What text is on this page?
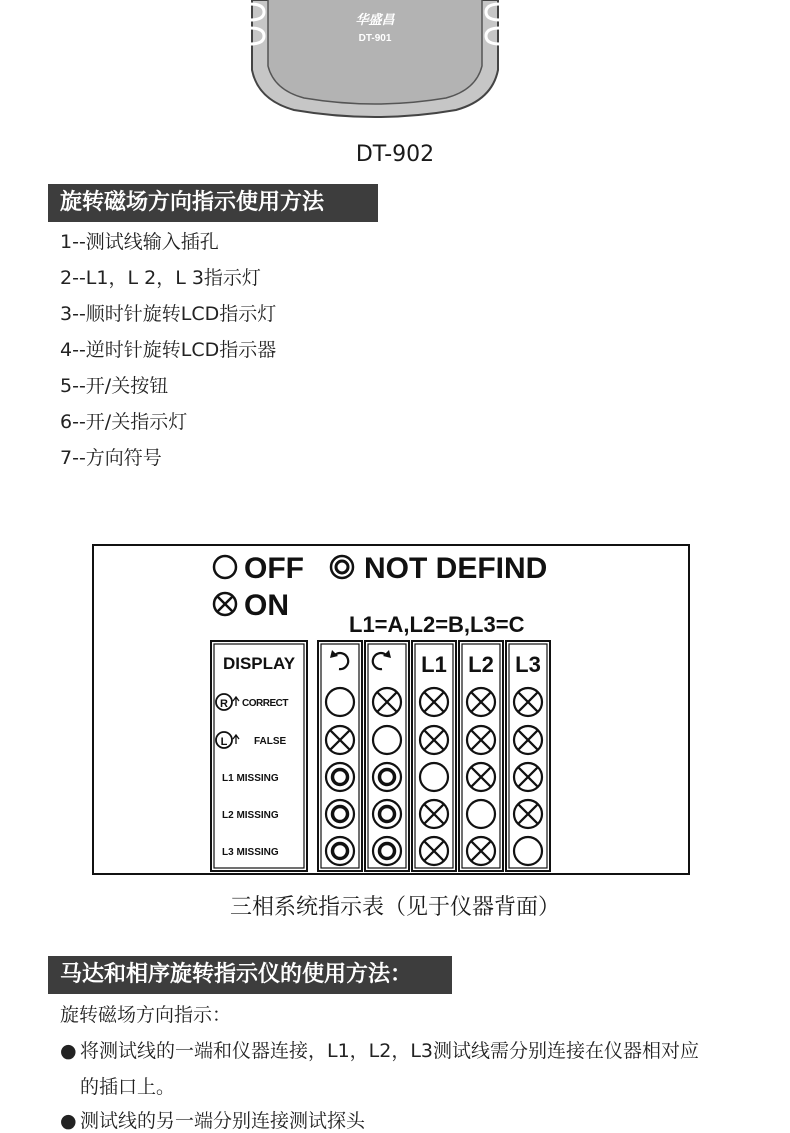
华盛昌
DT-901
DT-902
旋转磁场方向指示使用方法
1--测试线输入插孔
2--L1，L 2，L 3指示灯
3--顺时针旋转LCD指示灯
4--逆时针旋转LCD指示器
5--开/关按钮
6--开/关指示灯
7--方向符号
OFF NOT DEFIND
ON
L1=A,L2=B,L3=C
DISPLAY	L1 L2 L3
R CORRECT
L	FALSE
L1 MISSING
L2 MISSING
L3 MISSING
三相系统指示表（见于仪器背面）
马达和相序旋转指示仪的使用方法：
旋转磁场方向指示：
● 将测试线的一端和仪器连接，L1，L2，L3测试线需分别连接在仪器相对应
的插口上。
● 测试线的另一端分别连接测试探头
